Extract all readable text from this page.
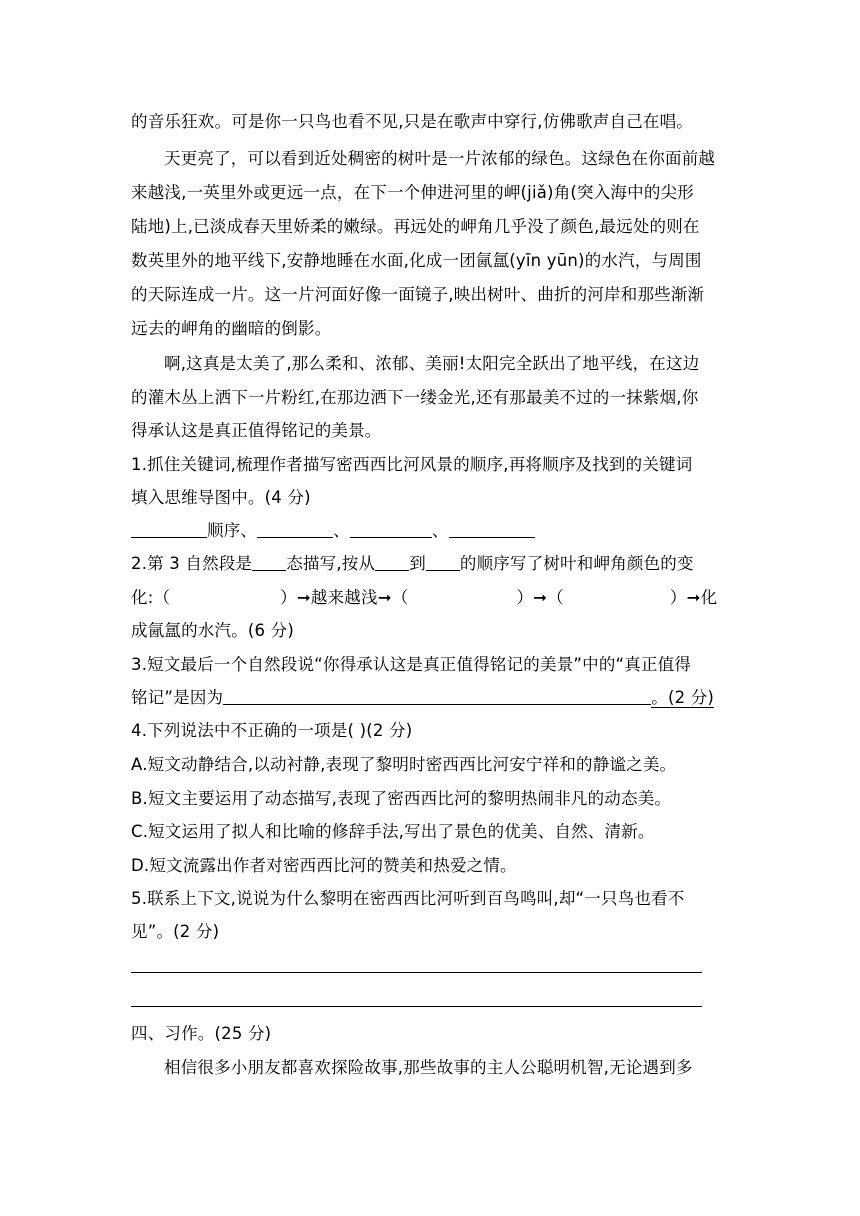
的音乐狂欢。可是你一只鸟也看不见,只是在歌声中穿行,仿佛歌声自己在唱。
天更亮了，可以看到近处稠密的树叶是一片浓郁的绿色。这绿色在你面前越
来越浅,一英里外或更远一点，在下一个伸进河里的岬(jiǎ)角(突入海中的尖形
陆地)上,已淡成春天里娇柔的嫩绿。再远处的岬角几乎没了颜色,最远处的则在
数英里外的地平线下,安静地睡在水面,化成一团氤氲(yīn yūn)的水汽，与周围
的天际连成一片。这一片河面好像一面镜子,映出树叶、曲折的河岸和那些渐渐
远去的岬角的幽暗的倒影。
啊,这真是太美了,那么柔和、浓郁、美丽!太阳完全跃出了地平线，在这边
的灌木丛上洒下一片粉红,在那边洒下一缕金光,还有那最美不过的一抹紫烟,你
得承认这是真正值得铭记的美景。
1.抓住关键词,梳理作者描写密西西比河风景的顺序,再将顺序及找到的关键词
填入思维导图中。(4 分)
顺序、	、	、
2.第 3 自然段是 态描写,按从 到 的顺序写了树叶和岬角颜色的变
化:（	）➞越来越浅➞（	）➞（	）➞化
成氤氲的水汽。(6 分)
3.短文最后一个自然段说“你得承认这是真正值得铭记的美景”中的“真正值得
铭记”是因为	。(2 分)
4.下列说法中不正确的一项是( )(2 分)
A.短文动静结合,以动衬静,表现了黎明时密西西比河安宁祥和的静谧之美。
B.短文主要运用了动态描写,表现了密西西比河的黎明热闹非凡的动态美。
C.短文运用了拟人和比喻的修辞手法,写出了景色的优美、自然、清新。
D.短文流露出作者对密西西比河的赞美和热爱之情。
5.联系上下文,说说为什么黎明在密西西比河听到百鸟鸣叫,却“一只鸟也看不
见”。(2 分)
四、习作。(25 分)
相信很多小朋友都喜欢探险故事,那些故事的主人公聪明机智,无论遇到多
